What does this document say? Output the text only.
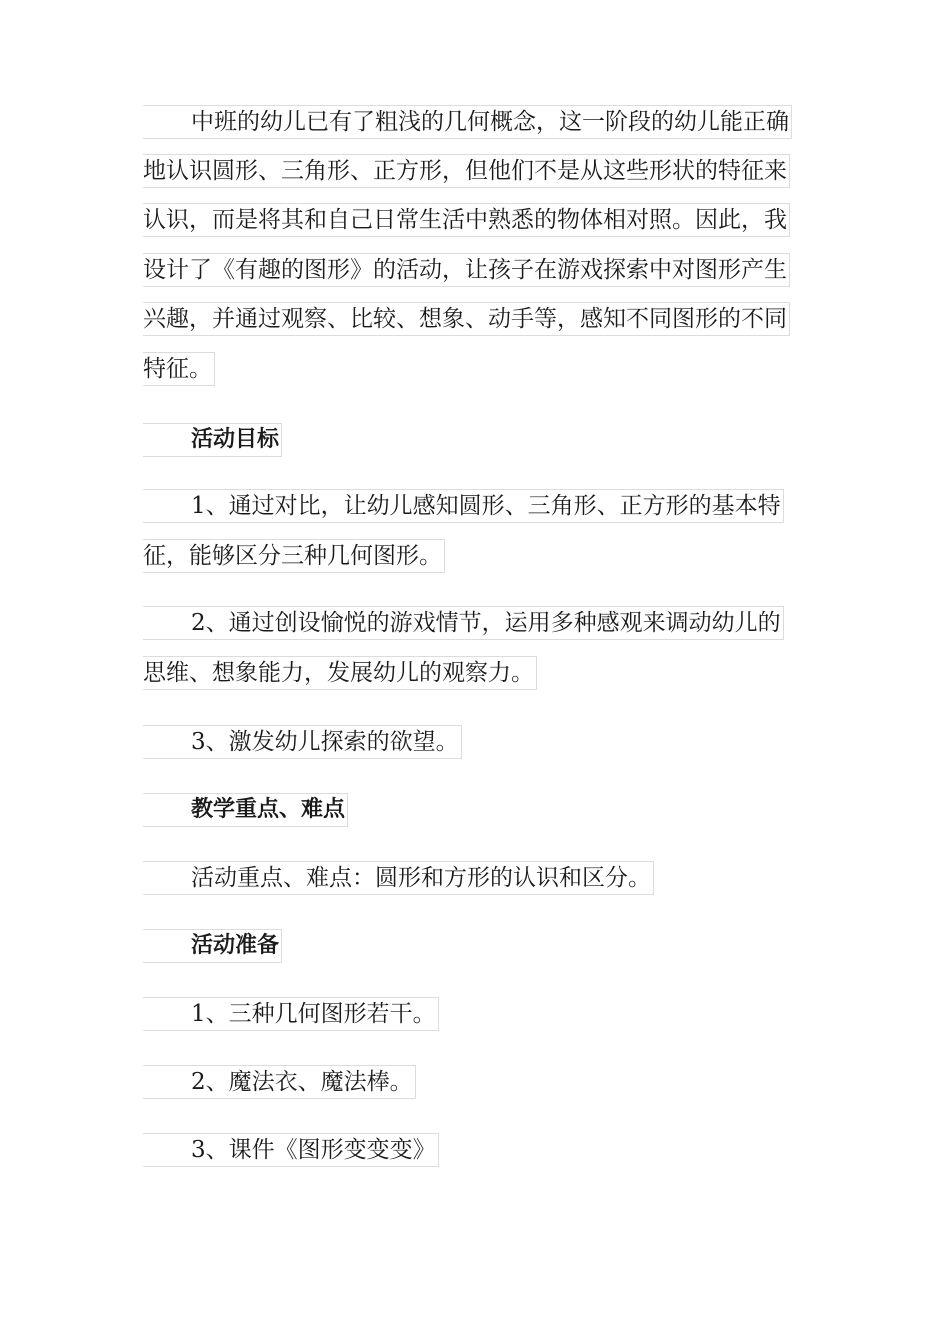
中班的幼儿已有了粗浅的几何概念，这一阶段的幼儿能正确
地认识圆形、三角形、正方形，但他们不是从这些形状的特征来
认识，而是将其和自己日常生活中熟悉的物体相对照。因此，我
设计了《有趣的图形》的活动，让孩子在游戏探索中对图形产生
兴趣，并通过观察、比较、想象、动手等，感知不同图形的不同
特征。
活动目标
1、通过对比，让幼儿感知圆形、三角形、正方形的基本特
征，能够区分三种几何图形。
2、通过创设愉悦的游戏情节，运用多种感观来调动幼儿的
思维、想象能力，发展幼儿的观察力。
3、激发幼儿探索的欲望。
教学重点、难点
活动重点、难点：圆形和方形的认识和区分。
活动准备
1、三种几何图形若干。
2、魔法衣、魔法棒。
3、课件《图形变变变》
